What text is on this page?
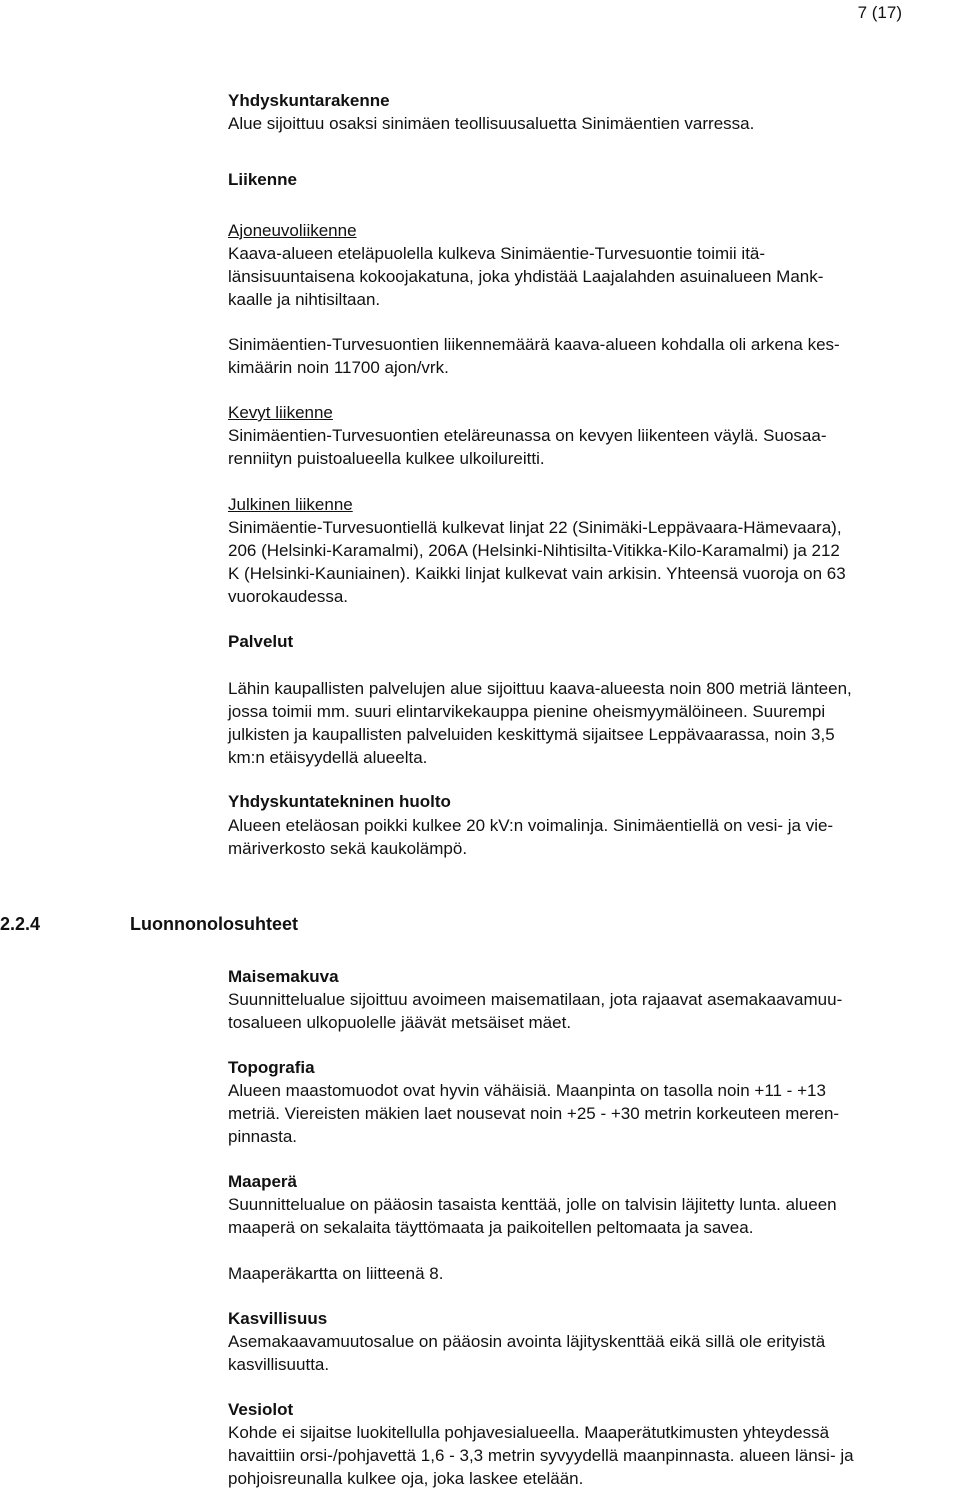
7 (17)
Yhdyskuntarakenne
Alue sijoittuu osaksi sinimäen teollisuusaluetta Sinimäentien varressa.
Liikenne
Ajoneuvoliikenne
Kaava-alueen eteläpuolella kulkeva Sinimäentie-Turvesuontie toimii itä-
länsisuuntaisena kokoojakatuna, joka yhdistää Laajalahden asuinalueen Mank-
kaalle ja nihtisiltaan.
Sinimäentien-Turvesuontien liikennemäärä kaava-alueen kohdalla oli arkena kes-
kimäärin noin 11700 ajon/vrk.
Kevyt liikenne
Sinimäentien-Turvesuontien eteläreunassa on kevyen liikenteen väylä. Suosaa-
renniityn puistoalueella kulkee ulkoilureitti.
Julkinen liikenne
Sinimäentie-Turvesuontiellä kulkevat linjat 22 (Sinimäki-Leppävaara-Hämevaara),
206 (Helsinki-Karamalmi), 206A (Helsinki-Nihtisilta-Vitikka-Kilo-Karamalmi) ja 212
K (Helsinki-Kauniainen). Kaikki linjat kulkevat vain arkisin. Yhteensä vuoroja on 63
vuorokaudessa.
Palvelut
Lähin kaupallisten palvelujen alue sijoittuu kaava-alueesta noin 800 metriä länteen,
jossa toimii mm. suuri elintarvikekauppa pienine oheismyymälöineen. Suurempi
julkisten ja kaupallisten palveluiden keskittymä sijaitsee Leppävaarassa, noin 3,5
km:n etäisyydellä alueelta.
Yhdyskuntatekninen huolto
Alueen eteläosan poikki kulkee 20 kV:n voimalinja. Sinimäentiellä on vesi- ja vie-
märiverkosto sekä kaukolämpö.
2.2.4	Luonnonolosuhteet
Maisemakuva
Suunnittelualue sijoittuu avoimeen maisematilaan, jota rajaavat asemakaavamuu-
tosalueen ulkopuolelle jäävät metsäiset mäet.
Topografia
Alueen maastomuodot ovat hyvin vähäisiä. Maanpinta on tasolla noin +11 - +13
metriä. Viereisten mäkien laet nousevat noin +25 - +30 metrin korkeuteen meren-
pinnasta.
Maaperä
Suunnittelualue on pääosin tasaista kenttää, jolle on talvisin läjitetty lunta. alueen
maaperä on sekalaita täyttömaata ja paikoitellen peltomaata ja savea.
Maaperäkartta on liitteenä 8.
Kasvillisuus
Asemakaavamuutosalue on pääosin avointa läjityskenttää eikä sillä ole erityistä
kasvillisuutta.
Vesiolot
Kohde ei sijaitse luokitellulla pohjavesialueella. Maaperätutkimusten yhteydessä
havaittiin orsi-/pohjavettä 1,6 - 3,3 metrin syvyydellä maanpinnasta. alueen länsi- ja
pohjoisreunalla kulkee oja, joka laskee etelään.
